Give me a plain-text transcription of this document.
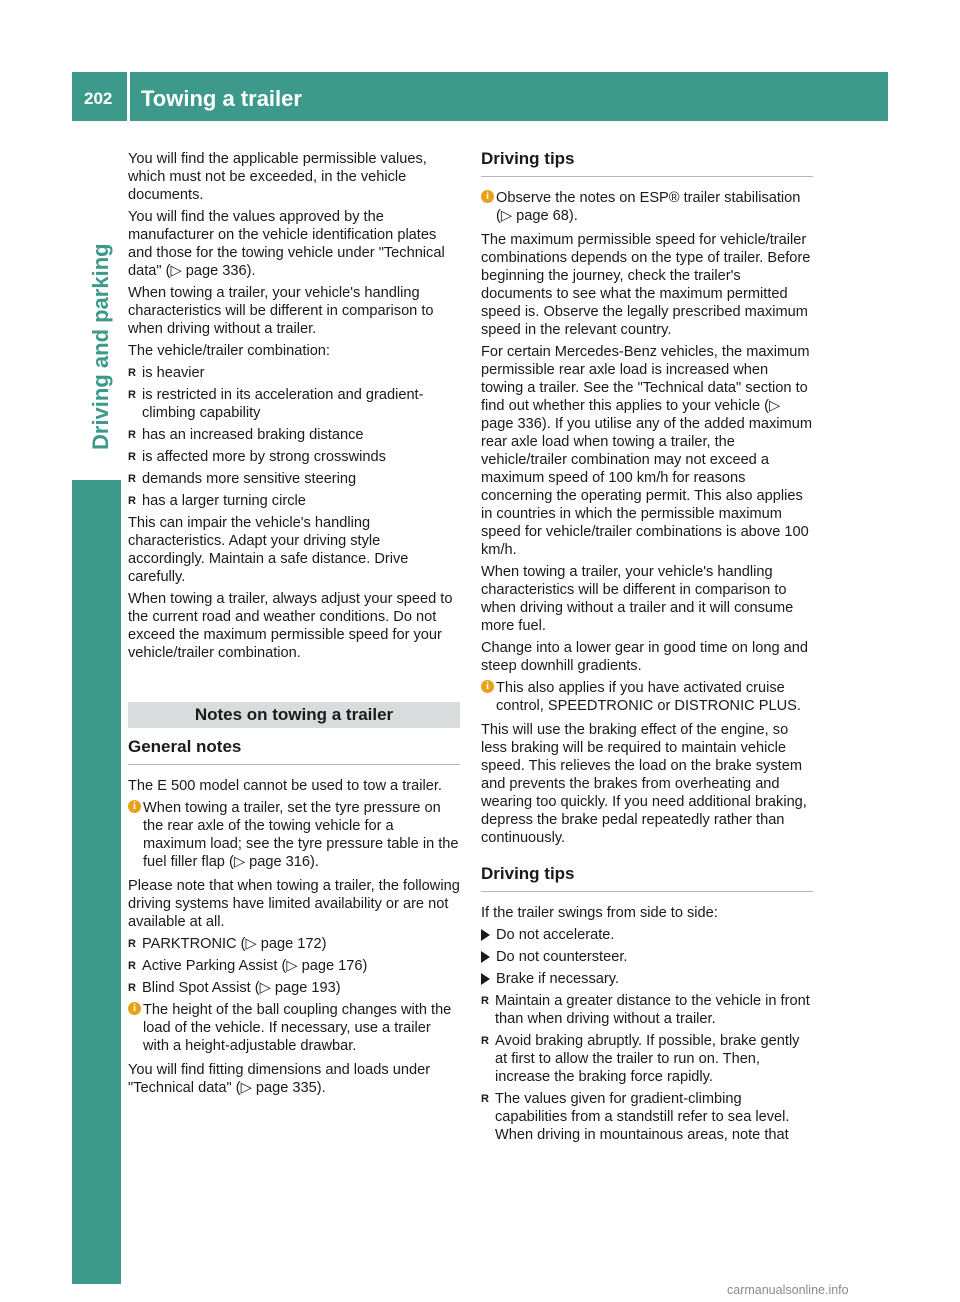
202 Towing a trailer
Driving and parking

You will find the applicable permissible values, which must not be exceeded, in the vehicle documents.

You will find the values approved by the manufacturer on the vehicle identification plates and those for the towing vehicle under "Technical data" (▷ page 336).

When towing a trailer, your vehicle's handling characteristics will be different in comparison to when driving without a trailer.

The vehicle/trailer combination:

R is heavier
R is restricted in its acceleration and gradient-climbing capability
R has an increased braking distance
R is affected more by strong crosswinds
R demands more sensitive steering
R has a larger turning circle

This can impair the vehicle's handling characteristics. Adapt your driving style accordingly. Maintain a safe distance. Drive carefully.

When towing a trailer, always adjust your speed to the current road and weather conditions. Do not exceed the maximum permissible speed for your vehicle/trailer combination.

Notes on towing a trailer
General notes

The E 500 model cannot be used to tow a trailer.

i When towing a trailer, set the tyre pressure on the rear axle of the towing vehicle for a maximum load; see the tyre pressure table in the fuel filler flap (▷ page 316).

Please note that when towing a trailer, the following driving systems have limited availability or are not available at all.

R PARKTRONIC (▷ page 172)
R Active Parking Assist (▷ page 176)
R Blind Spot Assist (▷ page 193)
i The height of the ball coupling changes with the load of the vehicle. If necessary, use a trailer with a height-adjustable drawbar.

You will find fitting dimensions and loads under "Technical data" (▷ page 335).

Driving tips
i Observe the notes on ESP® trailer stabilisation (▷ page 68).

The maximum permissible speed for vehicle/trailer combinations depends on the type of trailer. Before beginning the journey, check the trailer's documents to see what the maximum permitted speed is. Observe the legally prescribed maximum speed in the relevant country.

For certain Mercedes-Benz vehicles, the maximum permissible rear axle load is increased when towing a trailer. See the "Technical data" section to find out whether this applies to your vehicle (▷ page 336). If you utilise any of the added maximum rear axle load when towing a trailer, the vehicle/trailer combination may not exceed a maximum speed of 100 km/h for reasons concerning the operating permit. This also applies in countries in which the permissible maximum speed for vehicle/trailer combinations is above 100 km/h.

When towing a trailer, your vehicle's handling characteristics will be different in comparison to when driving without a trailer and it will consume more fuel.

Change into a lower gear in good time on long and steep downhill gradients.

i This also applies if you have activated cruise control, SPEEDTRONIC or DISTRONIC PLUS.

This will use the braking effect of the engine, so less braking will be required to maintain vehicle speed. This relieves the load on the brake system and prevents the brakes from overheating and wearing too quickly. If you need additional braking, depress the brake pedal repeatedly rather than continuously.

Driving tips

If the trailer swings from side to side:

Do not accelerate.
Do not countersteer.
Brake if necessary.
R Maintain a greater distance to the vehicle in front than when driving without a trailer.
R Avoid braking abruptly. If possible, brake gently at first to allow the trailer to run on. Then, increase the braking force rapidly.
R The values given for gradient-climbing capabilities from a standstill refer to sea level. When driving in mountainous areas, note that
carmanualsonline.info
